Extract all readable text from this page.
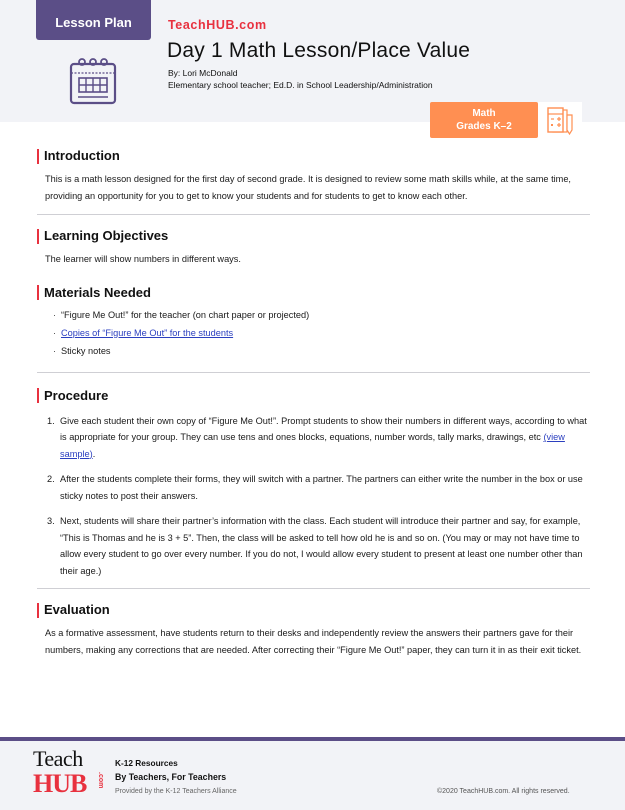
Lesson Plan	TeachHUB.com
Day 1 Math Lesson/Place Value
By: Lori McDonald
Elementary school teacher; Ed.D. in School Leadership/Administration
Math
Grades K–2
Introduction

This is a math lesson designed for the first day of second grade. It is designed to review some math skills while, at the same time, providing an opportunity for you to get to know your students and for students to get to know each other.

Learning Objectives

The learner will show numbers in different ways.

Materials Needed
· “Figure Me Out!” for the teacher (on chart paper or projected)
· Copies of “Figure Me Out” for the students
· Sticky notes
Procedure
1. Give each student their own copy of “Figure Me Out!”. Prompt students to show their numbers in different ways, according to what is appropriate for your group. They can use tens and ones blocks, equations, number words, tally marks, drawings, etc (view sample).
2. After the students complete their forms, they will switch with a partner. The partners can either write the number in the box or use sticky notes to post their answers.
3. Next, students will share their partner’s information with the class. Each student will introduce their partner and say, for example, “This is Thomas and he is 3 + 5”. Then, the class will be asked to tell how old he is and so on. (You may or may not have time to allow every student to go over every number. If you do not, I would allow every student to present at least one number other than their age.)
Evaluation

As a formative assessment, have students return to their desks and independently review the answers their partners gave for their numbers, making any corrections that are needed. After correcting their “Figure Me Out!” paper, they can turn it in as their exit ticket.

Teach
HUB .com
K-12 Resources
By Teachers, For Teachers
Provided by the K-12 Teachers Alliance	©2020 TeachHUB.com. All rights reserved.
